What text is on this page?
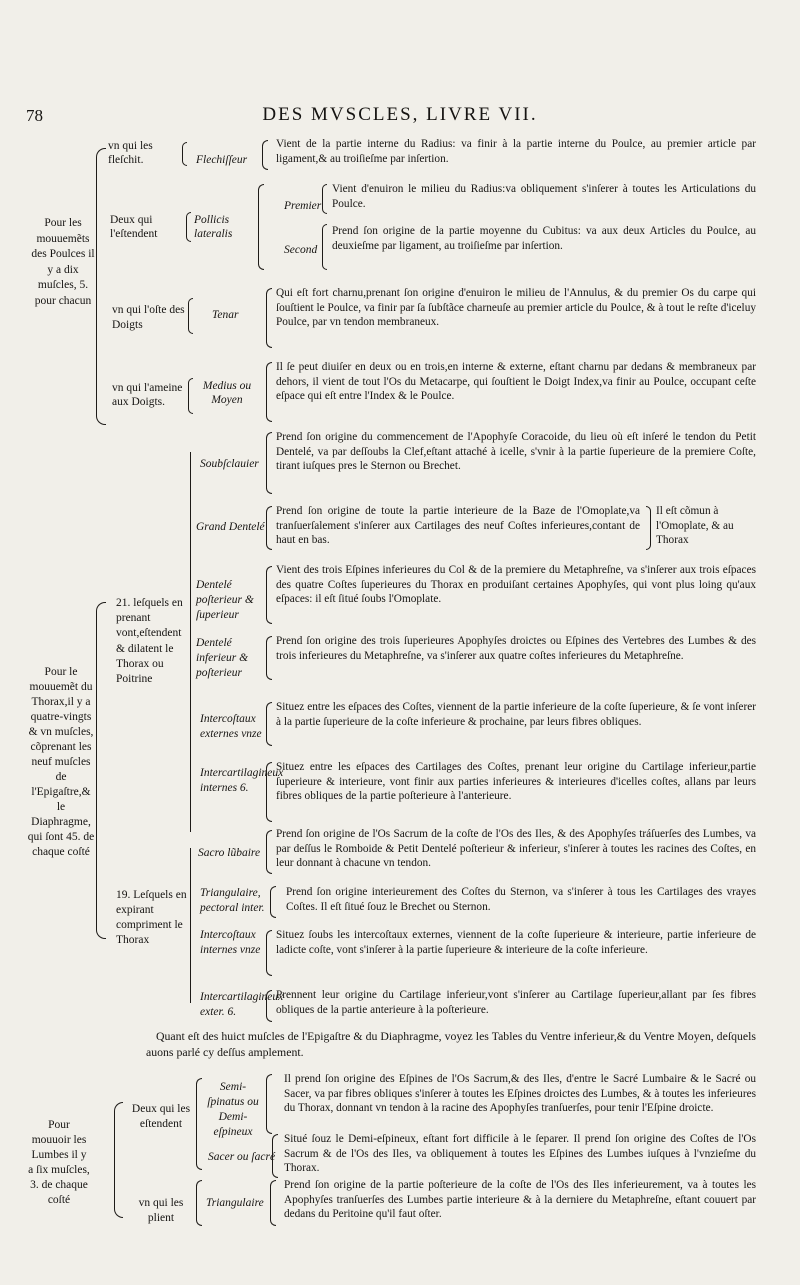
78	DES MVSCLES, LIVRE VII.
Pour les mouuemẽts des Poulces il y a dix muſcles, 5. pour chacun
vn qui les fleſchit.	Flechiſſeur
Vient de la partie interne du Radius: va finir à la partie interne du Poulce, au premier article par ligament,& au troiſieſme par inſertion.
Deux qui l'eſtendent
Pollicis lateralis
Premier
Vient d'enuiron le milieu du Radius:va obliquement s'inſerer à toutes les Articulations du Poulce.
Second
Prend ſon origine de la partie moyenne du Cubitus: va aux deux Articles du Poulce, au deuxieſme par ligament, au troiſieſme par inſertion.
vn qui l'oſte des Doigts
Tenar
Qui eſt fort charnu,prenant ſon origine d'enuiron le milieu de l'Annulus, & du premier Os du carpe qui ſouſtient le Poulce, va finir par ſa ſubſtãce charneuſe au premier article du Poulce, & à tout le reſte d'iceluy Poulce, par vn tendon membraneux.
vn qui l'ameine aux Doigts.
Medius ou Moyen
Il ſe peut diuiſer en deux ou en trois,en interne & externe, eſtant charnu par dedans & membraneux par dehors, il vient de tout l'Os du Metacarpe, qui ſouſtient le Doigt Index,va finir au Poulce, occupant ceſte eſpace qui eſt entre l'Index & le Poulce.
Pour le mouuemẽt du Thorax,il y a quatre-vingts & vn muſcles, cõprenant les neuf muſcles de l'Epigaſtre,& le Diaphragme, qui ſont 45. de chaque coſté
21. leſquels en prenant vont,eſtendent & dilatent le Thorax ou Poitrine
Soubſclauier
Prend ſon origine du commencement de l'Apophyſe Coracoide, du lieu où eſt inſeré le tendon du Petit Dentelé, va par deſſoubs la Clef,eſtant attaché à icelle, s'vnir à la partie ſuperieure de la premiere Coſte, tirant iuſques pres le Sternon ou Brechet.
Grand Dentelé
Prend ſon origine de toute la partie interieure de la Baze de l'Omoplate,va tranſuerſalement s'inſerer aux Cartilages des neuf Coſtes inferieures,contant de haut en bas.
Il eſt cõmun à l'Omoplate, & au Thorax
Dentelé poſterieur & ſuperieur
Vient des trois Eſpines inferieures du Col & de la premiere du Metaphreſne, va s'inſerer aux trois eſpaces des quatre Coſtes ſuperieures du Thorax en produiſant certaines Apophyſes, qui vont plus loing qu'aux eſpaces: il eſt ſitué ſoubs l'Omoplate.
Dentelé inferieur & poſterieur
Prend ſon origine des trois ſuperieures Apophyſes droictes ou Eſpines des Vertebres des Lumbes & des trois inferieures du Metaphreſne, va s'inſerer aux quatre coſtes inferieures du Metaphreſne.
Intercoſtaux externes vnze
Situez entre les eſpaces des Coſtes, viennent de la partie inferieure de la coſte ſuperieure, & ſe vont inſerer à la partie ſuperieure de la coſte inferieure & prochaine, par leurs fibres obliques.
Intercartilagineux internes 6.
Situez entre les eſpaces des Cartilages des Coſtes, prenant leur origine du Cartilage inferieur,partie ſuperieure & interieure, vont finir aux parties inferieures & interieures d'icelles coſtes, allans par leurs fibres obliques de la partie poſterieure à l'anterieure.
19. Leſquels en expirant compriment le Thorax
Sacro lũbaire
Prend ſon origine de l'Os Sacrum de la coſte de l'Os des Iles, & des Apophyſes tráſuerſes des Lumbes, va par deſſus le Romboide & Petit Dentelé poſterieur & inferieur, s'inſerer à toutes les racines des Coſtes, en leur donnant à chacune vn tendon.
Triangulaire, pectoral inter.
Prend ſon origine interieurement des Coſtes du Sternon, va s'inſerer à tous les Cartilages des vrayes Coſtes. Il eſt ſitué ſouz le Brechet ou Sternon.
Intercoſtaux internes vnze
Situez ſoubs les intercoſtaux externes, viennent de la coſte ſuperieure & interieure, partie inferieure de ladicte coſte, vont s'inſerer à la partie ſuperieure & interieure de la coſte inferieure.
Intercartilagineux exter. 6.
Prennent leur origine du Cartilage inferieur,vont s'inſerer au Cartilage ſuperieur,allant par ſes fibres obliques de la partie anterieure à la poſterieure.
Quant eſt des huict muſcles de l'Epigaſtre & du Diaphragme, voyez les Tables du Ventre inferieur,& du Ventre Moyen, deſquels auons parlé cy deſſus amplement.
Pour mouuoir les Lumbes il y a ſix muſcles, 3. de chaque coſté
Deux qui les eſtendent
Semi-ſpinatus ou Demi-eſpineux
Il prend ſon origine des Eſpines de l'Os Sacrum,& des Iles, d'entre le Sacré Lumbaire & le Sacré ou Sacer, va par fibres obliques s'inſerer à toutes les Eſpines droictes des Lumbes, & à toutes les inferieures du Thorax, donnant vn tendon à la racine des Apophyſes tranſuerſes, pour tenir l'Eſpine droicte.
Sacer ou ſacré
Situé ſouz le Demi-eſpineux, eſtant fort difficile à le ſeparer. Il prend ſon origine des Coſtes de l'Os Sacrum & de l'Os des Iles, va obliquement à toutes les Eſpines des Lumbes iuſques à l'vnzieſme du Thorax.
vn qui les plient
Triangulaire
Prend ſon origine de la partie poſterieure de la coſte de l'Os des Iles inferieurement, va à toutes les Apophyſes tranſuerſes des Lumbes partie interieure & à la derniere du Metaphreſne, eſtant couuert par dedans du Peritoine qu'il faut oſter.
